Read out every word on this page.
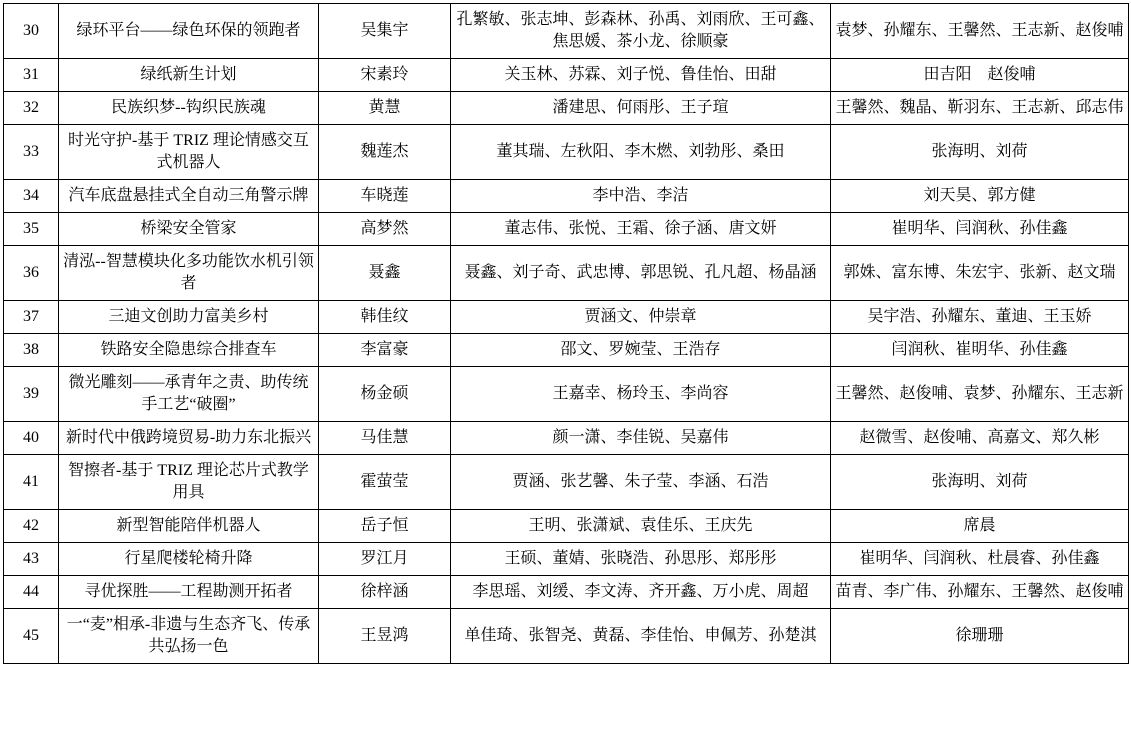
30	绿环平台——绿色环保的领跑者	吴集宇	孔繁敏、张志坤、彭森林、孙禹、刘雨欣、王可鑫、焦思媛、茶小龙、徐顺豪	袁梦、孙耀东、王馨然、王志新、赵俊哺
31	绿纸新生计划	宋素玲	关玉林、苏霖、刘子悦、鲁佳怡、田甜	田吉阳　赵俊哺
32	民族织梦--钩织民族魂	黄慧	潘建思、何雨彤、王子瑄	王馨然、魏晶、靳羽东、王志新、邱志伟
33	时光守护-基于 TRIZ 理论情感交互式机器人	魏莲杰	董其瑞、左秋阳、李木燃、刘勃彤、桑田	张海明、刘荷
34	汽车底盘悬挂式全自动三角警示牌	车晓莲	李中浩、李洁	刘天昊、郭方健
35	桥梁安全管家	高梦然	董志伟、张悦、王霜、徐子涵、唐文妍	崔明华、闫润秋、孙佳鑫
36	清泓--智慧模块化多功能饮水机引领者	聂鑫	聂鑫、刘子奇、武忠博、郭思锐、孔凡超、杨晶涵	郭姝、富东博、朱宏宇、张新、赵文瑞
37	三迪文创助力富美乡村	韩佳纹	贾涵文、仲崇章	吴宇浩、孙耀东、董迪、王玉娇
38	铁路安全隐患综合排查车	李富豪	邵文、罗婉莹、王浩存	闫润秋、崔明华、孙佳鑫
39	微光雕刻——承青年之责、助传统手工艺“破圈”	杨金硕	王嘉幸、杨玲玉、李尚容	王馨然、赵俊哺、袁梦、孙耀东、王志新
40	新时代中俄跨境贸易-助力东北振兴	马佳慧	颜一潇、李佳锐、吴嘉伟	赵微雪、赵俊哺、高嘉文、郑久彬
41	智擦者-基于 TRIZ 理论芯片式教学用具	霍萤莹	贾涵、张艺馨、朱子莹、李涵、石浩	张海明、刘荷
42	新型智能陪伴机器人	岳子恒	王明、张潇斌、袁佳乐、王庆先	席晨
43	行星爬楼轮椅升降	罗江月	王硕、董婧、张晓浩、孙思彤、郑彤彤	崔明华、闫润秋、杜晨睿、孙佳鑫
44	寻优探胜——工程勘测开拓者	徐梓涵	李思瑶、刘缓、李文涛、齐开鑫、万小虎、周超	苗青、李广伟、孙耀东、王馨然、赵俊哺
45	一“麦”相承-非遗与生态齐飞、传承共弘扬一色	王昱鸿	单佳琦、张智尧、黄磊、李佳怡、申佩芳、孙楚淇	徐珊珊
